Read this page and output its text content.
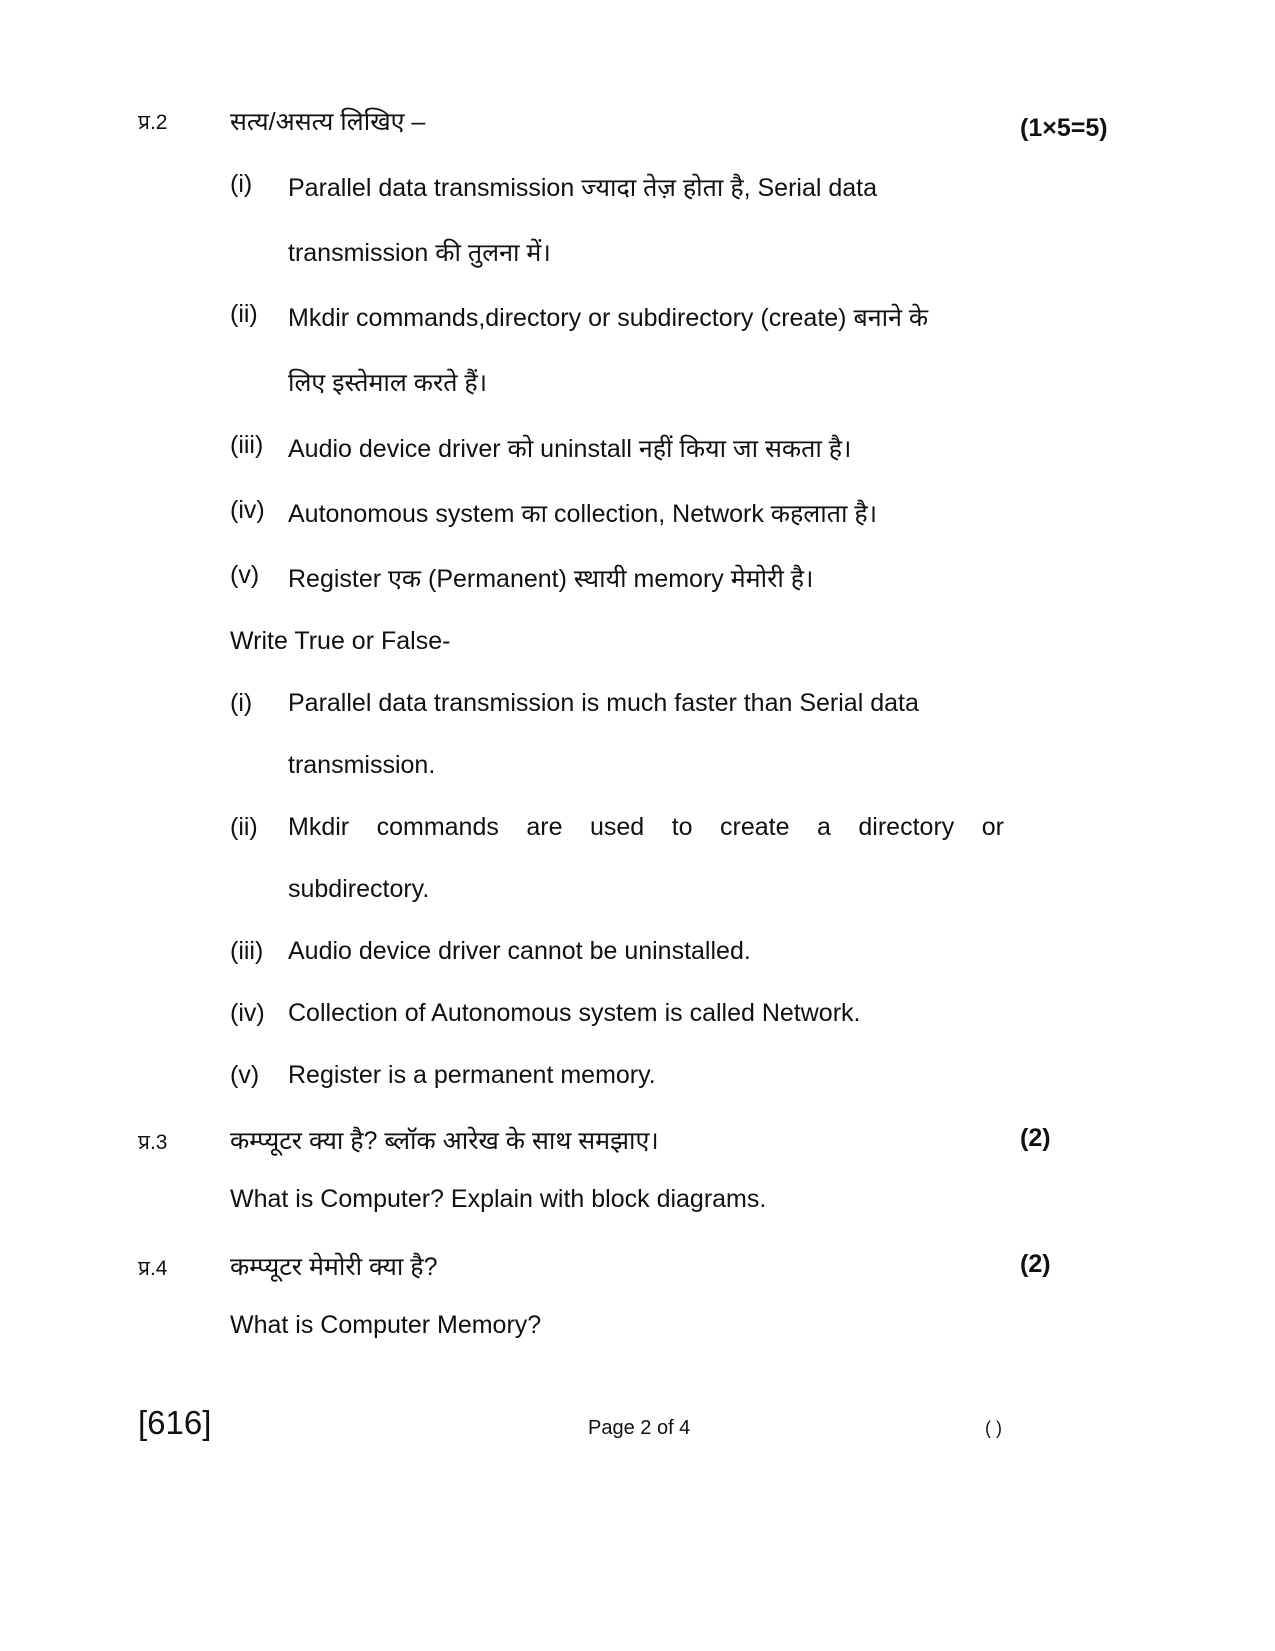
प्र.2	सत्य/असत्य लिखिए –	(1×5=5)
(i) Parallel data transmission ज्यादा तेज़ होता है, Serial data
transmission की तुलना में।
(ii) Mkdir commands,directory or subdirectory (create) बनाने के
लिए इस्तेमाल करते हैं।
(iii) Audio device driver को uninstall नहीं किया जा सकता है।
(iv) Autonomous system का collection, Network कहलाता है।
(v) Register एक (Permanent) स्थायी memory मेमोरी है।
Write True or False-
(i) Parallel data transmission is much faster than Serial data
transmission.
(ii) Mkdir commands are used to create a directory or
subdirectory.
(iii) Audio device driver cannot be uninstalled.
(iv) Collection of Autonomous system is called Network.
(v) Register is a permanent memory.
प्र.3	कम्प्यूटर क्या है? ब्लॉक आरेख के साथ समझाए।	(2)
What is Computer? Explain with block diagrams.
प्र.4	कम्प्यूटर मेमोरी क्या है?	(2)
What is Computer Memory?
[616]	Page 2 of 4	( )
